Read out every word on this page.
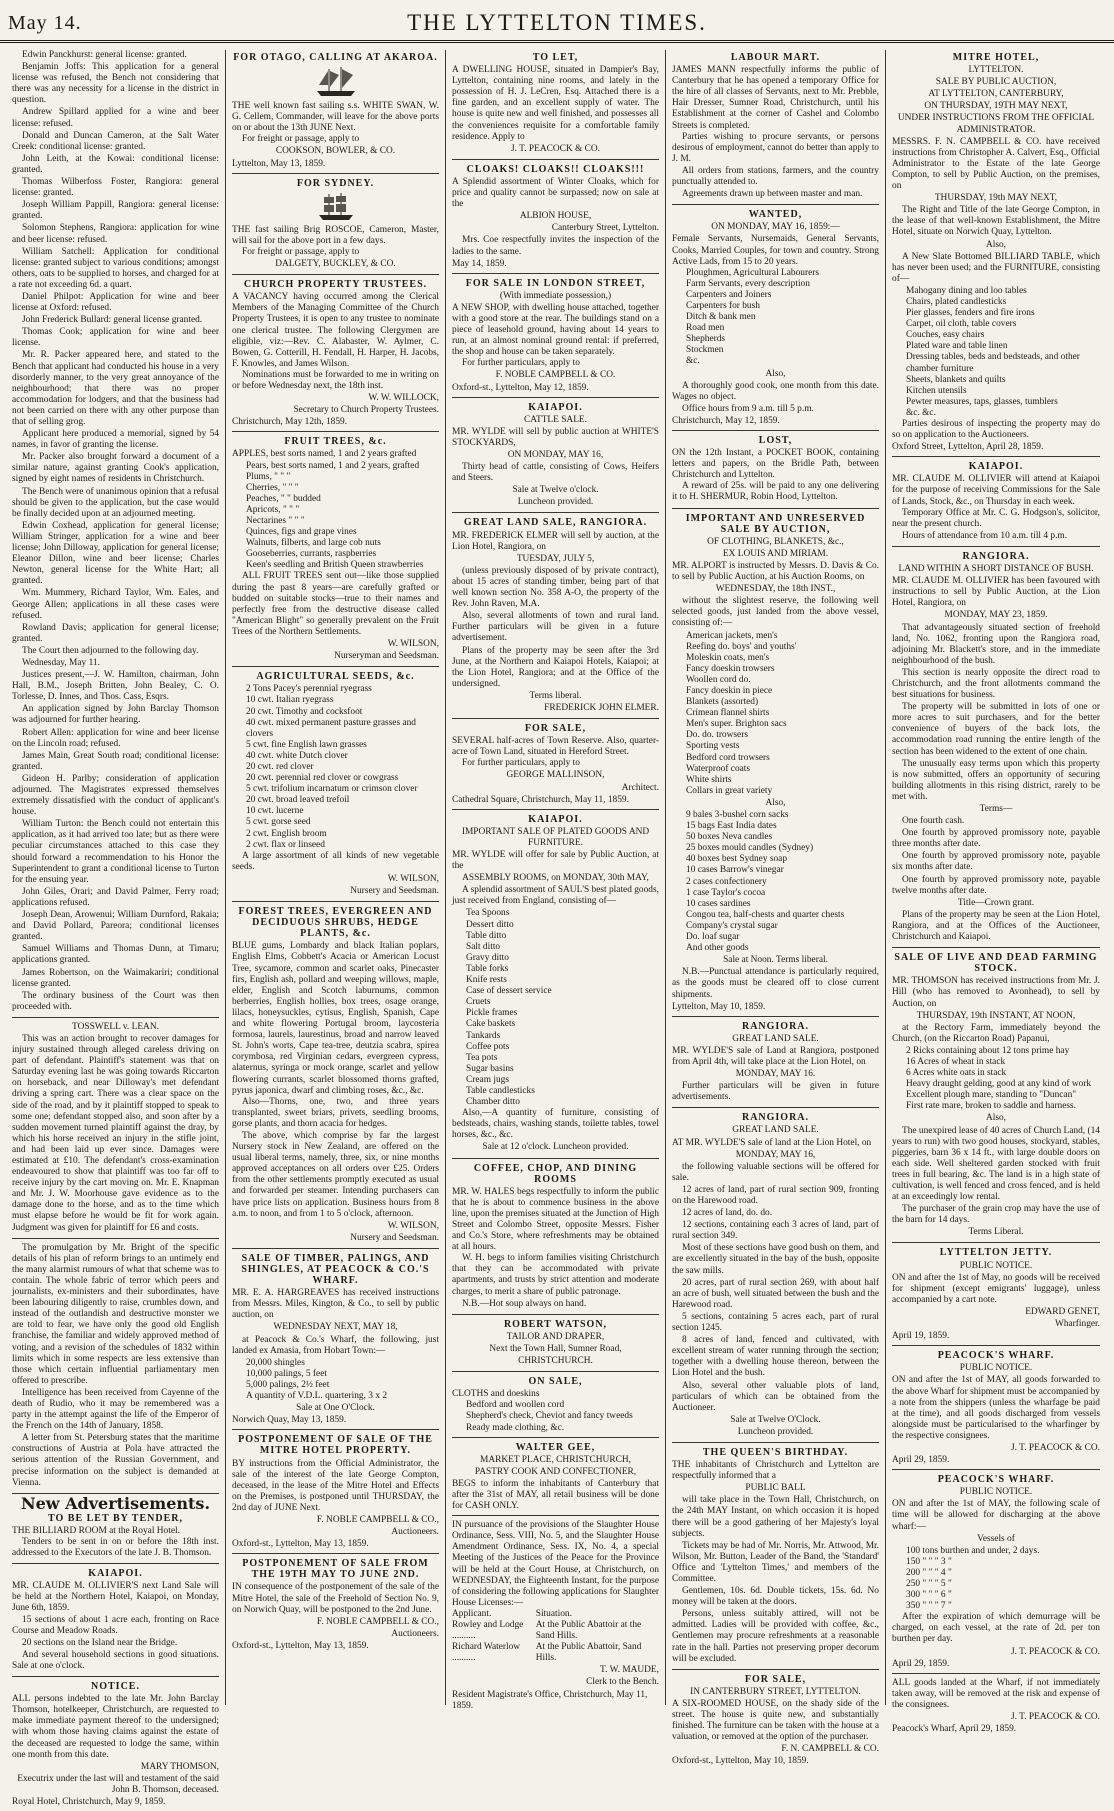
May 14.	THE LYTTELTON TIMES.

Edwin Panckhurst: general license: granted.

Benjamin Joffs: This application for a general license was refused, the Bench not considering that there was any necessity for a license in the district in question.

Andrew Spillard applied for a wine and beer license: refused.

Donald and Duncan Cameron, at the Salt Water Creek: conditional license: granted.

John Leith, at the Kowai: conditional license: granted.

Thomas Wilberfoss Foster, Rangiora: general license: granted.

Joseph William Pappill, Rangiora: general license: granted.

Solomon Stephens, Rangiora: application for wine and beer license: refused.

William Satchell: Application for conditional license: granted subject to various conditions; amongst others, oats to be supplied to horses, and charged for at a rate not exceeding 6d. a quart.

Daniel Philpot: Application for wine and beer license at Oxford: refused.

John Frederick Bullard: general license granted.

Thomas Cook; application for wine and beer license.

Mr. R. Packer appeared here, and stated to the Bench that applicant had conducted his house in a very disorderly manner, to the very great annoyance of the neighbourhood; that there was no proper accommodation for lodgers, and that the business had not been carried on there with any other purpose than that of selling grog.

Applicant here produced a memorial, signed by 54 names, in favor of granting the license.

Mr. Packer also brought forward a document of a similar nature, against granting Cook's application, signed by eight names of residents in Christchurch.

The Bench were of unanimous opinion that a refusal should be given to the application, but the case would be finally decided upon at an adjourned meeting.

Edwin Coxhead, application for general license; William Stringer, application for a wine and beer license; John Dilloway, application for general license; Eleanor Dillon, wine and beer license; Charles Newton, general license for the White Hart; all granted.

Wm. Mummery, Richard Taylor, Wm. Eales, and George Allen; applications in all these cases were refused.

Rowland Davis; application for general license; granted.

The Court then adjourned to the following day.

Wednesday, May 11.

Justices present,—J. W. Hamilton, chairman, John Hall, B.M., Joseph Britten, John Bealey, C. O. Torlesse, D. Innes, and Thos. Cass, Esqrs.

An application signed by John Barclay Thomson was adjourned for further hearing.

Robert Allen: application for wine and beer license on the Lincoln road; refused.

James Main, Great South road; conditional license: granted.

Gideon H. Parlby; consideration of application adjourned. The Magistrates expressed themselves extremely dissatisfied with the conduct of applicant's house.

William Turton: the Bench could not entertain this application, as it had arrived too late; but as there were peculiar circumstances attached to this case they should forward a recommendation to his Honor the Superintendent to grant a conditional license to Turton for the ensuing year.

John Giles, Orari; and David Palmer, Ferry road; applications refused.

Joseph Dean, Arowenui; William Durnford, Rakaia; and David Pollard, Pareora; conditional licenses granted.

Samuel Williams and Thomas Dunn, at Timaru; applications granted.

James Robertson, on the Waimakariri; conditional license granted.

The ordinary business of the Court was then proceeded with.

TOSSWELL v. LEAN.

This was an action brought to recover damages for injury sustained through alleged careless driving on part of defendant. Plaintiff's statement was that on Saturday evening last he was going towards Riccarton on horseback, and near Dilloway's met defendant driving a spring cart. There was a clear space on the side of the road, and by it plaintiff stopped to speak to some one; defendant stopped also, and soon after by a sudden movement turned plaintiff against the dray, by which his horse received an injury in the stifle joint, and had been laid up ever since. Damages were estimated at £10. The defendant's cross-examination endeavoured to show that plaintiff was too far off to receive injury by the cart moving on. Mr. E. Knapman and Mr. J. W. Moorhouse gave evidence as to the damage done to the horse, and as to the time which must elapse before he would be fit for work again. Judgment was given for plaintiff for £6 and costs.

The promulgation by Mr. Bright of the specific details of his plan of reform brings to an untimely end the many alarmist rumours of what that scheme was to contain. The whole fabric of terror which peers and journalists, ex-ministers and their subordinates, have been labouring diligently to raise, crumbles down, and instead of the outlandish and destructive monster we are told to fear, we have only the good old English franchise, the familiar and widely approved method of voting, and a revision of the schedules of 1832 within limits which in some respects are less extensive than those which certain influential parliamentary men offered to prescribe.

Intelligence has been received from Cayenne of the death of Rudio, who it may be remembered was a party in the attempt against the life of the Emperor of the French on the 14th of January, 1858.

A letter from St. Petersburg states that the maritime constructions of Austria at Pola have attracted the serious attention of the Russian Government, and precise information on the subject is demanded at Vienna.

New Advertisements.
TO BE LET BY TENDER,

THE BILLIARD ROOM at the Royal Hotel.

Tenders to be sent in on or before the 18th inst. addressed to the Executors of the late J. B. Thomson.

KAIAPOI.

MR. CLAUDE M. OLLIVIER'S next Land Sale will be held at the Northern Hotel, Kaiapoi, on Monday, June 6th, 1859.

15 sections of about 1 acre each, fronting on Race Course and Meadow Roads.

20 sections on the Island near the Bridge.

And several household sections in good situations. Sale at one o'clock.

NOTICE.

ALL persons indebted to the late Mr. John Barclay Thomson, hotelkeeper, Christchurch, are requested to make immediate payment thereof to the undersigned; with whom those having claims against the estate of the deceased are requested to lodge the same, within one month from this date.

MARY THOMSON,
Executrix under the last will and testament of the said John B. Thomson, deceased.
Royal Hotel, Christchurch, May 9, 1859.
FOR OTAGO, CALLING AT AKAROA.

THE well known fast sailing s.s. WHITE SWAN, W. G. Cellem, Commander, will leave for the above ports on or about the 13th JUNE Next.

For freight or passage, apply to

COOKSON, BOWLER, & CO.
Lyttelton, May 13, 1859.
FOR SYDNEY.

THE fast sailing Brig ROSCOE, Cameron, Master, will sail for the above port in a few days.

For freight or passage, apply to

DALGETY, BUCKLEY, & CO.
CHURCH PROPERTY TRUSTEES.

A VACANCY having occurred among the Clerical Members of the Managing Committee of the Church Property Trustees, it is open to any trustee to nominate one clerical trustee. The following Clergymen are eligible, viz:—Rev. C. Alabaster, W. Aylmer, C. Bowen, G. Cotterill, H. Fendall, H. Harper, H. Jacobs, F. Knowles, and James Wilson.

Nominations must be forwarded to me in writing on or before Wednesday next, the 18th inst.

W. W. WILLOCK,
Secretary to Church Property Trustees.
Christchurch, May 12th, 1859.
FRUIT TREES, &c.

APPLES, best sorts named, 1 and 2 years grafted

Pears, best sorts named, 1 and 2 years, grafted
Plums, " " "
Cherries, " " "
Peaches, " " budded
Apricots, " " "
Nectarines " " "
Quinces, figs and grape vines
Walnuts, filberts, and large cob nuts
Gooseberries, currants, raspberries
Keen's seedling and British Queen strawberries

ALL FRUIT TREES sent out—like those supplied during the past 8 years—are carefully grafted or budded on suitable stocks—true to their names and perfectly free from the destructive disease called "American Blight" so generally prevalent on the Fruit Trees of the Northern Settlements.

W. WILSON,
Nurseryman and Seedsman.
AGRICULTURAL SEEDS, &c.
2 Tons Pacey's perennial ryegrass
10 cwt. Italian ryegrass
20 cwt. Timothy and cocksfoot
40 cwt. mixed permanent pasture grasses and clovers
5 cwt. fine English lawn grasses
40 cwt. white Dutch clover
20 cwt. red clover
20 cwt. perennial red clover or cowgrass
5 cwt. trifolium incarnatum or crimson clover
20 cwt. broad leaved trefoil
10 cwt. lucerne
5 cwt. gorse seed
2 cwt. English broom
2 cwt. flax or linseed

A large assortment of all kinds of new vegetable seeds.

W. WILSON,
Nursery and Seedsman.
FOREST TREES, EVERGREEN AND DECIDUOUS SHRUBS, HEDGE PLANTS, &c.

BLUE gums, Lombardy and black Italian poplars, English Elms, Cobbett's Acacia or American Locust Tree, sycamore, common and scarlet oaks, Pinecaster firs, English ash, pollard and weeping willows, maple, elder, English and Scotch laburnums, common berberries, English hollies, box trees, osage orange, lilacs, honeysuckles, cytisus, English, Spanish, Cape and white flowering Portugal broom, laycosteria formosa, laurels, laurestinus, broad and narrow leaved St. John's worts, Cape tea-tree, deutzia scabra, spirea corymbosa, red Virginian cedars, evergreen cypress, alaternus, syringa or mock orange, scarlet and yellow flowering currants, scarlet blossomed thorns grafted, pyrus japonica, dwarf and climbing roses, &c., &c.

Also—Thorns, one, two, and three years transplanted, sweet briars, privets, seedling brooms, gorse plants, and thorn acacia for hedges.

The above, which comprise by far the largest Nursery stock in New Zealand, are offered on the usual liberal terms, namely, three, six, or nine months approved acceptances on all orders over £25. Orders from the other settlements promptly executed as usual and forwarded per steamer. Intending purchasers can have price lists on application. Business hours from 8 a.m. to noon, and from 1 to 5 o'clock, afternoon.

W. WILSON,
Nursery and Seedsman.
SALE OF TIMBER, PALINGS, AND SHINGLES, AT PEACOCK & CO.'S WHARF.

MR. E. A. HARGREAVES has received instructions from Messrs. Miles, Kington, & Co., to sell by public auction, on

WEDNESDAY NEXT, MAY 18,

at Peacock & Co.'s Wharf, the following, just landed ex Amasia, from Hobart Town:—

20,000 shingles
10,000 palings, 5 feet
5,000 palings, 2½ feet
A quantity of V.D.L. quartering, 3 x 2
Sale at One O'Clock.
Norwich Quay, May 13, 1859.
POSTPONEMENT OF SALE OF THE MITRE HOTEL PROPERTY.

BY instructions from the Official Administrator, the sale of the interest of the late George Compton, deceased, in the lease of the Mitre Hotel and Effects on the Premises, is postponed until THURSDAY, the 2nd day of JUNE Next.

F. NOBLE CAMPBELL & CO.,
Auctioneers.
Oxford-st., Lyttelton, May 13, 1859.
POSTPONEMENT OF SALE FROM THE 19TH MAY TO JUNE 2ND.

IN consequence of the postponement of the sale of the Mitre Hotel, the sale of the Freehold of Section No. 9, on Norwich Quay, will be postponed to the 2nd June.

F. NOBLE CAMPBELL & CO.,
Auctioneers.
Oxford-st., Lyttelton, May 13, 1859.
TO LET,

A DWELLING HOUSE, situated in Dampier's Bay, Lyttelton, containing nine rooms, and lately in the possession of H. J. LeCren, Esq. Attached there is a fine garden, and an excellent supply of water. The house is quite new and well finished, and possesses all the conveniences requisite for a comfortable family residence. Apply to

J. T. PEACOCK & CO.
CLOAKS! CLOAKS!! CLOAKS!!!

A Splendid assortment of Winter Cloaks, which for price and quality cannot be surpassed; now on sale at the

ALBION HOUSE,
Canterbury Street, Lyttelton.

Mrs. Coe respectfully invites the inspection of the ladies to the same.

May 14, 1859.
FOR SALE IN LONDON STREET,
(With immediate possession,)

A NEW SHOP, with dwelling house attached, together with a good store at the rear. The buildings stand on a piece of leasehold ground, having about 14 years to run, at an almost nominal ground rental: if preferred, the shop and house can be taken separately.

For further particulars, apply to

F. NOBLE CAMPBELL & CO.
Oxford-st., Lyttelton, May 12, 1859.
KAIAPOI.
CATTLE SALE.

MR. WYLDE will sell by public auction at WHITE'S STOCKYARDS,

ON MONDAY, MAY 16,

Thirty head of cattle, consisting of Cows, Heifers and Steers.

Sale at Twelve o'clock.
Luncheon provided.
GREAT LAND SALE, RANGIORA.

MR. FREDERICK ELMER will sell by auction, at the Lion Hotel, Rangiora, on

TUESDAY, JULY 5,

(unless previously disposed of by private contract), about 15 acres of standing timber, being part of that well known section No. 358 A-O, the property of the Rev. John Raven, M.A.

Also, several allotments of town and rural land. Further particulars will be given in a future advertisement.

Plans of the property may be seen after the 3rd June, at the Northern and Kaiapoi Hotels, Kaiapoi; at the Lion Hotel, Rangiora; and at the Office of the undersigned.

Terms liberal.
FREDERICK JOHN ELMER.
FOR SALE,

SEVERAL half-acres of Town Reserve. Also, quarter-acre of Town Land, situated in Hereford Street.

For further particulars, apply to

GEORGE MALLINSON,
Architect.
Cathedral Square, Christchurch, May 11, 1859.
KAIAPOI.
IMPORTANT SALE OF PLATED GOODS AND FURNITURE.

MR. WYLDE will offer for sale by Public Auction, at the

ASSEMBLY ROOMS, on MONDAY, 30th MAY,

A splendid assortment of SAUL'S best plated goods, just received from England, consisting of—

Tea Spoons
Dessert ditto
Table ditto
Salt ditto
Gravy ditto
Table forks
Knife rests
Case of dessert service
Cruets
Pickle frames
Cake baskets
Tankards
Coffee pots
Tea pots
Sugar basins
Cream jugs
Table candlesticks
Chamber ditto

Also,—A quantity of furniture, consisting of bedsteads, chairs, washing stands, toilette tables, towel horses, &c., &c.

Sale at 12 o'clock. Luncheon provided.
COFFEE, CHOP, AND DINING ROOMS

MR. W. HALES begs respectfully to inform the public that he is about to commence business in the above line, upon the premises situated at the Junction of High Street and Colombo Street, opposite Messrs. Fisher and Co.'s Store, where refreshments may be obtained at all hours.

W. H. begs to inform families visiting Christchurch that they can be accommodated with private apartments, and trusts by strict attention and moderate charges, to merit a share of public patronage.

N.B.—Hot soup always on hand.

ROBERT WATSON,
TAILOR AND DRAPER,
Next the Town Hall, Sumner Road,
CHRISTCHURCH.
ON SALE,

CLOTHS and doeskins

Bedford and woollen cord
Shepherd's check, Cheviot and fancy tweeds
Ready made clothing, &c.
WALTER GEE,
MARKET PLACE, CHRISTCHURCH,
PASTRY COOK AND CONFECTIONER,

BEGS to inform the inhabitants of Canterbury that after the 31st of MAY, all retail business will be done for CASH ONLY.

IN pursuance of the provisions of the Slaughter House Ordinance, Sess. VIII, No. 5, and the Slaughter House Amendment Ordinance, Sess. IX, No. 4, a special Meeting of the Justices of the Peace for the Province will be held at the Court House, at Christchurch, on WEDNESDAY, the Eighteenth Instant, for the purpose of considering the following applications for Slaughter House Licenses:—

Applicant.	Situation.
Rowley and Lodge ..........	At the Public Abattoir at the Sand Hills.
Richard Waterlow ..........	At the Public Abattoir, Sand Hills.
T. W. MAUDE,
Clerk to the Bench.
Resident Magistrate's Office, Christchurch, May 11, 1859.
LABOUR MART.

JAMES MANN respectfully informs the public of Canterbury that he has opened a temporary Office for the hire of all classes of Servants, next to Mr. Prebble, Hair Dresser, Sumner Road, Christchurch, until his Establishment at the corner of Cashel and Colombo Streets is completed.

Parties wishing to procure servants, or persons desirous of employment, cannot do better than apply to J. M.

All orders from stations, farmers, and the country punctually attended to.

Agreements drawn up between master and man.

WANTED,
ON MONDAY, MAY 16, 1859:—

Female Servants, Nursemaids, General Servants, Cooks, Married Couples, for town and country. Strong Active Lads, from 15 to 20 years.

Ploughmen, Agricultural Labourers
Farm Servants, every description
Carpenters and Joiners
Carpenters for bush
Ditch & bank men
Road men
Shepherds
Stockmen
&c.
Also,

A thoroughly good cook, one month from this date. Wages no object.

Office hours from 9 a.m. till 5 p.m.

Christchurch, May 12, 1859.
LOST,

ON the 12th Instant, a POCKET BOOK, containing letters and papers, on the Bridle Path, between Christchurch and Lyttelton.

A reward of 25s. will be paid to any one delivering it to H. SHERMUR, Robin Hood, Lyttelton.

IMPORTANT AND UNRESERVED SALE BY AUCTION,
OF CLOTHING, BLANKETS, &c.,
EX LOUIS AND MIRIAM.

MR. ALPORT is instructed by Messrs. D. Davis & Co. to sell by Public Auction, at his Auction Rooms, on

WEDNESDAY, the 18th INST.,

without the slightest reserve, the following well selected goods, just landed from the above vessel, consisting of:—

American jackets, men's
Reefing do. boys' and youths'
Moleskin coats, men's
Fancy doeskin trowsers
Woollen cord do.
Fancy doeskin in piece
Blankets (assorted)
Crimean flannel shirts
Men's super. Brighton sacs
Do. do. trowsers
Sporting vests
Bedford cord trowsers
Waterproof coats
White shirts
Collars in great variety
Also,
9 bales 3-bushel corn sacks
15 bags East India dates
50 boxes Neva candles
25 boxes mould candles (Sydney)
40 boxes best Sydney soap
10 cases Barrow's vinegar
2 cases confectionery
1 case Taylor's cocoa
10 cases sardines
Congou tea, half-chests and quarter chests
Company's crystal sugar
Do. loaf sugar
And other goods
Sale at Noon. Terms liberal.

N.B.—Punctual attendance is particularly required, as the goods must be cleared off to close current shipments.

Lyttelton, May 10, 1859.
RANGIORA.
GREAT LAND SALE.

MR. WYLDE'S sale of Land at Rangiora, postponed from April 4th, will take place at the Lion Hotel, on

MONDAY, MAY 16.

Further particulars will be given in future advertisements.

RANGIORA.
GREAT LAND SALE.

AT MR. WYLDE'S sale of land at the Lion Hotel, on

MONDAY, MAY 16,

the following valuable sections will be offered for sale.

12 acres of land, part of rural section 909, fronting on the Harewood road.

12 acres of land, do. do.

12 sections, containing each 3 acres of land, part of rural section 349.

Most of these sections have good bush on them, and are excellently situated in the bay of the bush, opposite the saw mills.

20 acres, part of rural section 269, with about half an acre of bush, well situated between the bush and the Harewood road.

5 sections, containing 5 acres each, part of rural section 1245.

8 acres of land, fenced and cultivated, with excellent stream of water running through the section; together with a dwelling house thereon, between the Lion Hotel and the bush.

Also, several other valuable plots of land, particulars of which can be obtained from the Auctioneer.

Sale at Twelve O'Clock.
Luncheon provided.
THE QUEEN'S BIRTHDAY.

THE inhabitants of Christchurch and Lyttelton are respectfully informed that a

PUBLIC BALL

will take place in the Town Hall, Christchurch, on the 24th MAY Instant, on which occasion it is hoped there will be a good gathering of her Majesty's loyal subjects.

Tickets may be had of Mr. Norris, Mr. Attwood, Mr. Wilson, Mr. Button, Leader of the Band, the 'Standard' Office and 'Lyttelton Times,' and members of the Committee.

Gentlemen, 10s. 6d. Double tickets, 15s. 6d. No money will be taken at the doors.

Persons, unless suitably attired, will not be admitted. Ladies will be provided with coffee, &c., Gentlemen may procure refreshments at a reasonable rate in the hall. Parties not preserving proper decorum will be excluded.

FOR SALE,
IN CANTERBURY STREET, LYTTELTON.

A SIX-ROOMED HOUSE, on the shady side of the street. The house is quite new, and substantially finished. The furniture can be taken with the house at a valuation, or removed at the option of the purchaser.

F. N. CAMPBELL & CO.
Oxford-st., Lyttelton, May 10, 1859.
MITRE HOTEL,
LYTTELTON.
SALE BY PUBLIC AUCTION,
AT LYTTELTON, CANTERBURY,
ON THURSDAY, 19TH MAY NEXT,
UNDER INSTRUCTIONS FROM THE OFFICIAL ADMINISTRATOR.

MESSRS. F. N. CAMPBELL & CO. have received instructions from Christopher A. Calvert, Esq., Official Administrator to the Estate of the late George Compton, to sell by Public Auction, on the premises, on

THURSDAY, 19th MAY NEXT,

The Right and Title of the late George Compton, in the lease of that well-known Establishment, the Mitre Hotel, situate on Norwich Quay, Lyttelton.

Also,

A New Slate Bottomed BILLIARD TABLE, which has never been used; and the FURNITURE, consisting of—

Mahogany dining and loo tables
Chairs, plated candlesticks
Pier glasses, fenders and fire irons
Carpet, oil cloth, table covers
Couches, easy chairs
Plated ware and table linen
Dressing tables, beds and bedsteads, and other chamber furniture
Sheets, blankets and quilts
Kitchen utensils
Pewter measures, taps, glasses, tumblers
&c. &c.

Parties desirous of inspecting the property may do so on application to the Auctioneers.

Oxford Street, Lyttelton, April 28, 1859.
KAIAPOI.

MR. CLAUDE M. OLLIVIER will attend at Kaiapoi for the purpose of receiving Commissions for the Sale of Lands, Stock, &c., on Thursday in each week.

Temporary Office at Mr. C. G. Hodgson's, solicitor, near the present church.

Hours of attendance from 10 a.m. till 4 p.m.

RANGIORA.
LAND WITHIN A SHORT DISTANCE OF BUSH.

MR. CLAUDE M. OLLIVIER has been favoured with instructions to sell by Public Auction, at the Lion Hotel, Rangiora, on

MONDAY, MAY 23, 1859.

That advantageously situated section of freehold land, No. 1062, fronting upon the Rangiora road, adjoining Mr. Blackett's store, and in the immediate neighbourhood of the bush.

This section is nearly opposite the direct road to Christchurch, and the front allotments command the best situations for business.

The property will be submitted in lots of one or more acres to suit purchasers, and for the better convenience of buyers of the back lots, the accommodation road running the entire length of the section has been widened to the extent of one chain.

The unusually easy terms upon which this property is now submitted, offers an opportunity of securing building allotments in this rising district, rarely to be met with.

Terms—

One fourth cash.

One fourth by approved promissory note, payable three months after date.

One fourth by approved promissory note, payable six months after date.

One fourth by approved promissory note, payable twelve months after date.

Title—Crown grant.

Plans of the property may be seen at the Lion Hotel, Rangiora, and at the Offices of the Auctioneer, Christchurch and Kaiapoi.

SALE OF LIVE AND DEAD FARMING STOCK.

MR. THOMSON has received instructions from Mr. J. Hill (who has removed to Avonhead), to sell by Auction, on

THURSDAY, 19th INSTANT, AT NOON,

at the Rectory Farm, immediately beyond the Church, (on the Riccarton Road) Papanui,

2 Ricks containing about 12 tons prime hay
16 Acres of wheat in stack
6 Acres white oats in stack
Heavy draught gelding, good at any kind of work
Excellent plough mare, standing to "Duncan"
First rate mare, broken to saddle and harness.
Also,

The unexpired lease of 40 acres of Church Land, (14 years to run) with two good houses, stockyard, stables, piggeries, barn 36 x 14 ft., with large double doors on each side. Well sheltered garden stocked with fruit trees in full bearing, &c. The land is in a high state of cultivation, is well fenced and cross fenced, and is held at an exceedingly low rental.

The purchaser of the grain crop may have the use of the barn for 14 days.

Terms Liberal.
LYTTELTON JETTY.
PUBLIC NOTICE.

ON and after the 1st of May, no goods will be received for shipment (except emigrants' luggage), unless accompanied by a cart note.

EDWARD GENET,
Wharfinger.
April 19, 1859.
PEACOCK'S WHARF.
PUBLIC NOTICE.

ON and after the 1st of MAY, all goods forwarded to the above Wharf for shipment must be accompanied by a note from the shippers (unless the wharfage be paid at the time), and all goods discharged from vessels alongside must be particularised to the wharfinger by the respective consignees.

J. T. PEACOCK & CO.
April 29, 1859.
PEACOCK'S WHARF.
PUBLIC NOTICE.

ON and after the 1st of MAY, the following scale of time will be allowed for discharging at the above wharf:—

Vessels of
100 tons burthen and under, 2 days.
150 " " " 3 "
200 " " " 4 "
250 " " " 5 "
300 " " " 6 "
350 " " " 7 "

After the expiration of which demurrage will be charged, on each vessel, at the rate of 2d. per ton burthen per day.

J. T. PEACOCK & CO.
April 29, 1859.

ALL goods landed at the Wharf, if not immediately taken away, will be removed at the risk and expense of the consignees.

J. T. PEACOCK & CO.
Peacock's Wharf, April 29, 1859.
